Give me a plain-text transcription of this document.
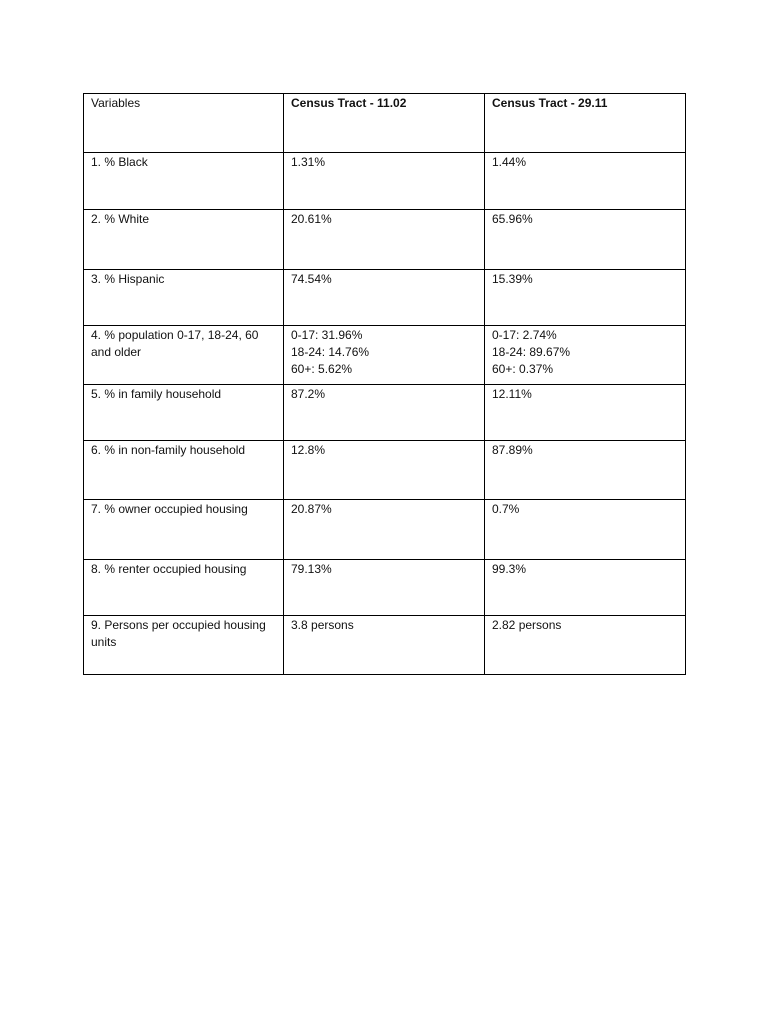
Variables	Census Tract - 11.02	Census Tract - 29.11
1. % Black	1.31%	1.44%
2. % White	20.61%	65.96%
3. % Hispanic	74.54%	15.39%
4. % population 0-17, 18-24, 60
and older	0-17: 31.96%
18-24: 14.76%
60+: 5.62%	0-17: 2.74%
18-24: 89.67%
60+: 0.37%
5. % in family household	87.2%	12.11%
6. % in non-family household	12.8%	87.89%
7. % owner occupied housing	20.87%	0.7%
8. % renter occupied housing	79.13%	99.3%
9. Persons per occupied housing
units	3.8 persons	2.82 persons
